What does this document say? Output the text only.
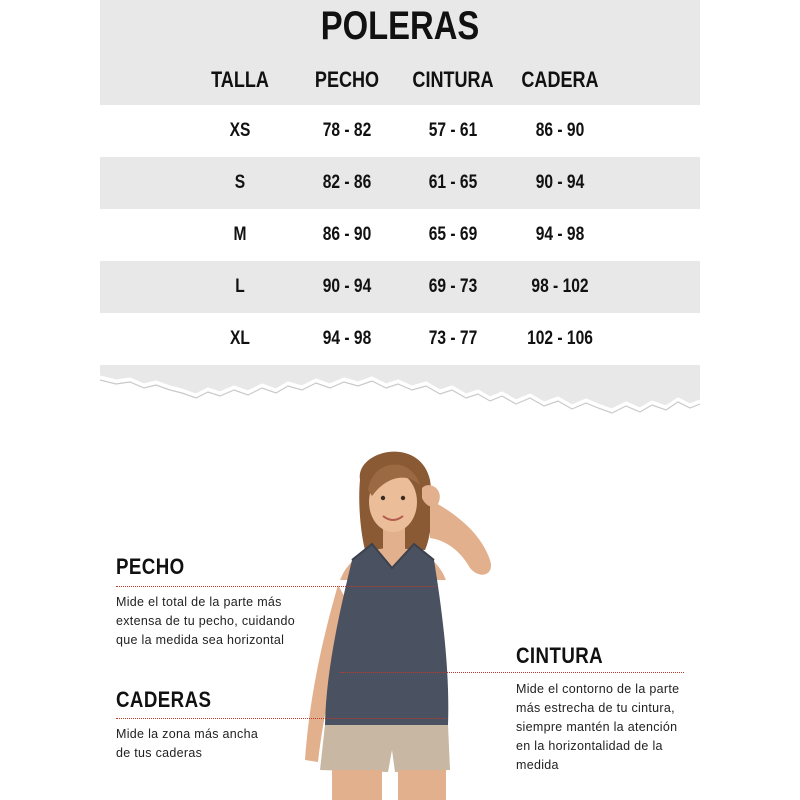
POLERAS
TALLA	PECHO	CINTURA CADERA
XS	78 - 82	57 - 61	86 - 90
S	82 - 86	61 - 65	90 - 94
M	86 - 90	65 - 69	94 - 98
L	90 - 94	69 - 73	98 - 102
XL	94 - 98	73 - 77	102 - 106
PECHO
Mide el total de la parte más
extensa de tu pecho, cuidando
que la medida sea horizontal
CADERAS
Mide la zona más ancha
de tus caderas
CINTURA
Mide el contorno de la parte
más estrecha de tu cintura,
siempre mantén la atención
en la horizontalidad de la
medida
